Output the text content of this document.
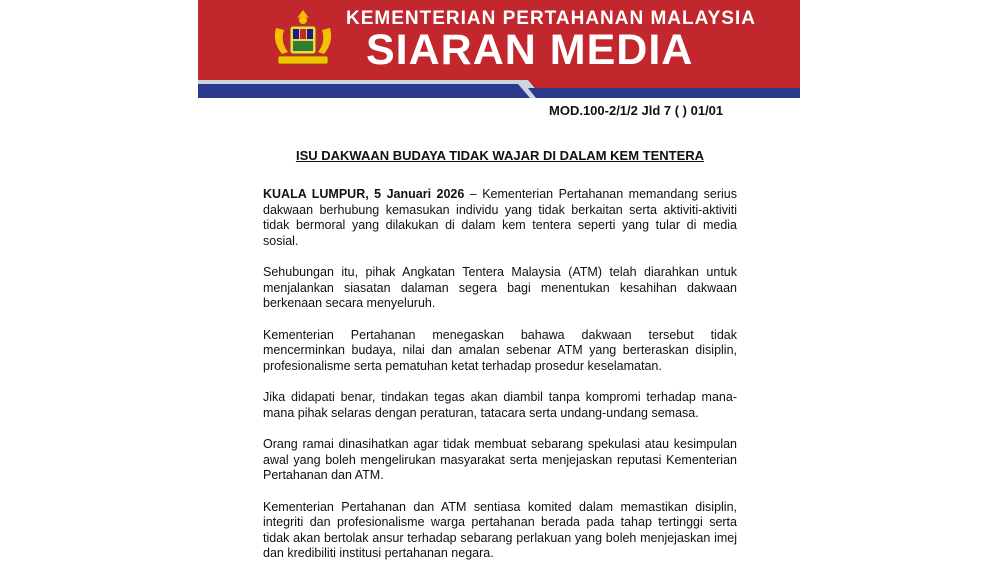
KEMENTERIAN PERTAHANAN MALAYSIA
SIARAN MEDIA
MOD.100-2/1/2 Jld 7 ( ) 01/01
ISU DAKWAAN BUDAYA TIDAK WAJAR DI DALAM KEM TENTERA

KUALA LUMPUR, 5 Januari 2026 – Kementerian Pertahanan memandang serius dakwaan berhubung kemasukan individu yang tidak berkaitan serta aktiviti-aktiviti tidak bermoral yang dilakukan di dalam kem tentera seperti yang tular di media sosial.

Sehubungan itu, pihak Angkatan Tentera Malaysia (ATM) telah diarahkan untuk menjalankan siasatan dalaman segera bagi menentukan kesahihan dakwaan berkenaan secara menyeluruh.

Kementerian Pertahanan menegaskan bahawa dakwaan tersebut tidak mencerminkan budaya, nilai dan amalan sebenar ATM yang berteraskan disiplin, profesionalisme serta pematuhan ketat terhadap prosedur keselamatan.

Jika didapati benar, tindakan tegas akan diambil tanpa kompromi terhadap mana-mana pihak selaras dengan peraturan, tatacara serta undang-undang semasa.

Orang ramai dinasihatkan agar tidak membuat sebarang spekulasi atau kesimpulan awal yang boleh mengelirukan masyarakat serta menjejaskan reputasi Kementerian Pertahanan dan ATM.

Kementerian Pertahanan dan ATM sentiasa komited dalam memastikan disiplin, integriti dan profesionalisme warga pertahanan berada pada tahap tertinggi serta tidak akan bertolak ansur terhadap sebarang perlakuan yang boleh menjejaskan imej dan kredibiliti institusi pertahanan negara.
